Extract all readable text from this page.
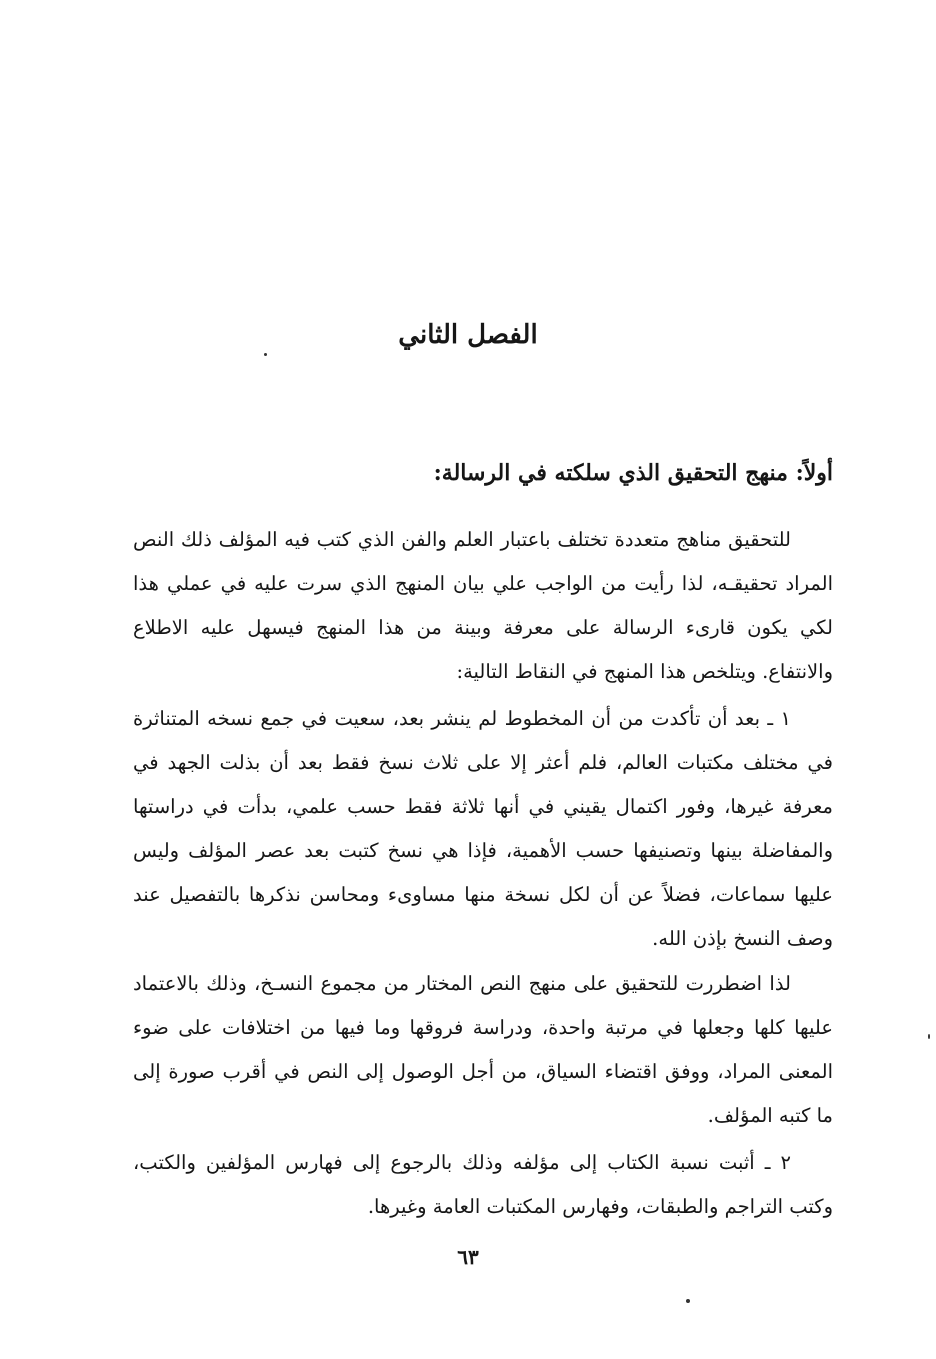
الفصل الثاني
أولاً: منهج التحقيق الذي سلكته في الرسالة:

للتحقيق مناهج متعددة تختلف باعتبار العلم والفن الذي كتب فيه المؤلف ذلك النص المراد تحقيقـه، لذا رأيت من الواجب علي بيان المنهج الذي سرت عليه في عملي هذا لكي يكون قارىء الرسالة على معرفة وبينة من هذا المنهج فيسهل عليه الاطلاع والانتفاع. ويتلخص هذا المنهج في النقاط التالية:

١ ـ بعد أن تأكدت من أن المخطوط لم ينشر بعد، سعيت في جمع نسخه المتناثرة في مختلف مكتبات العالم، فلم أعثر إلا على ثلاث نسخ فقط بعد أن بذلت الجهد في معرفة غيرها، وفور اكتمال يقيني في أنها ثلاثة فقط حسب علمي، بدأت في دراستها والمفاضلة بينها وتصنيفها حسب الأهمية، فإذا هي نسخ كتبت بعد عصر المؤلف وليس عليها سماعات، فضلاً عن أن لكل نسخة منها مساوىء ومحاسن نذكرها بالتفصيل عند وصف النسخ بإذن الله.

لذا اضطررت للتحقيق على منهج النص المختار من مجموع النسـخ، وذلك بالاعتماد عليها كلها وجعلها في مرتبة واحدة، ودراسة فروقها وما فيها من اختلافات على ضوء المعنى المراد، ووفق اقتضاء السياق، من أجل الوصول إلى النص في أقرب صورة إلى ما كتبه المؤلف.

٢ ـ أثبت نسبة الكتاب إلى مؤلفه وذلك بالرجوع إلى فهارس المؤلفين والكتب، وكتب التراجم والطبقات، وفهارس المكتبات العامة وغيرها.

٦٣
